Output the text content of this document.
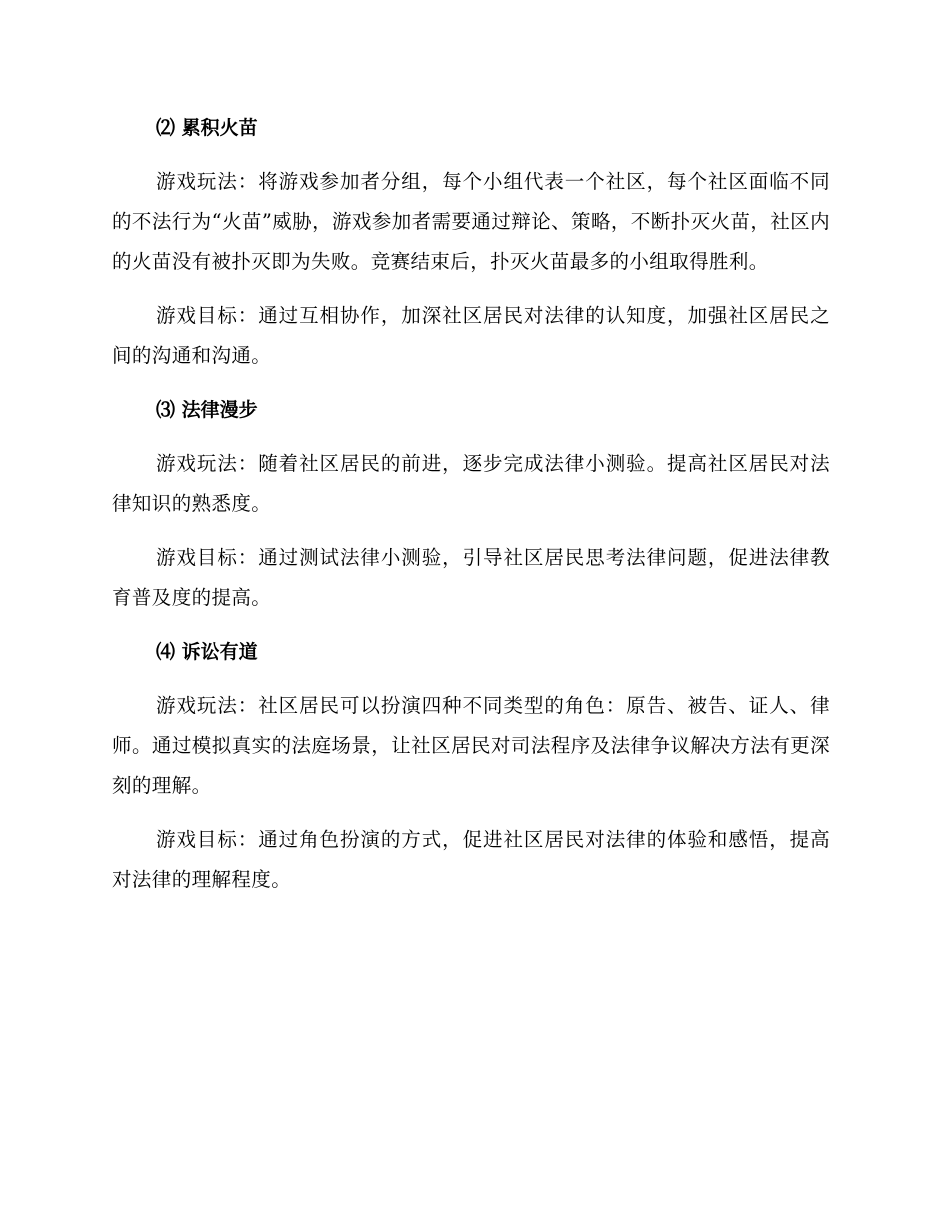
⑵ 累积火苗

游戏玩法：将游戏参加者分组，每个小组代表一个社区，每个社区面临不同的不法行为“火苗”威胁，游戏参加者需要通过辩论、策略，不断扑灭火苗，社区内的火苗没有被扑灭即为失败。竞赛结束后，扑灭火苗最多的小组取得胜利。

游戏目标：通过互相协作，加深社区居民对法律的认知度，加强社区居民之间的沟通和沟通。

⑶ 法律漫步

游戏玩法：随着社区居民的前进，逐步完成法律小测验。提高社区居民对法律知识的熟悉度。

游戏目标：通过测试法律小测验，引导社区居民思考法律问题，促进法律教育普及度的提高。

⑷ 诉讼有道

游戏玩法：社区居民可以扮演四种不同类型的角色：原告、被告、证人、律师。通过模拟真实的法庭场景，让社区居民对司法程序及法律争议解决方法有更深刻的理解。

游戏目标：通过角色扮演的方式，促进社区居民对法律的体验和感悟，提高对法律的理解程度。
